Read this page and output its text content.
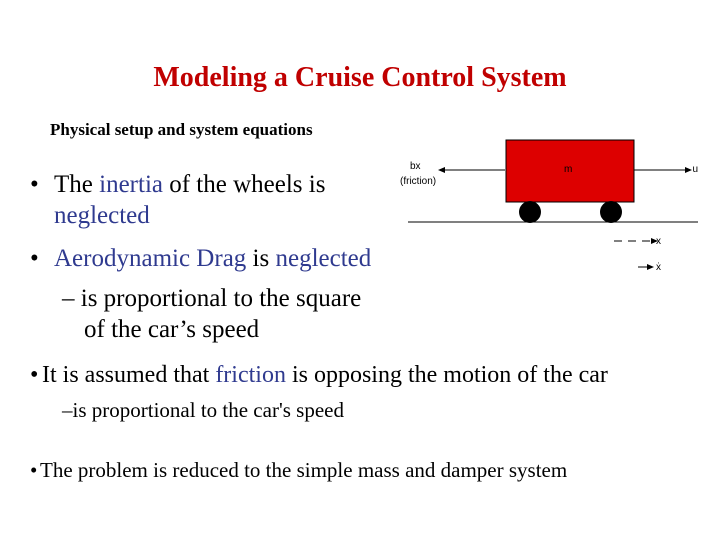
Modeling a Cruise Control System
Physical setup and system equations
• The inertia of the wheels is
neglected
• Aerodynamic Drag is neglected
– is proportional to the square
of the car’s speed
• It is assumed that friction is opposing the motion of the car
–is proportional to the car's speed
• The problem is reduced to the simple mass and damper system
bx
(friction)
m	u
x
ẋ
